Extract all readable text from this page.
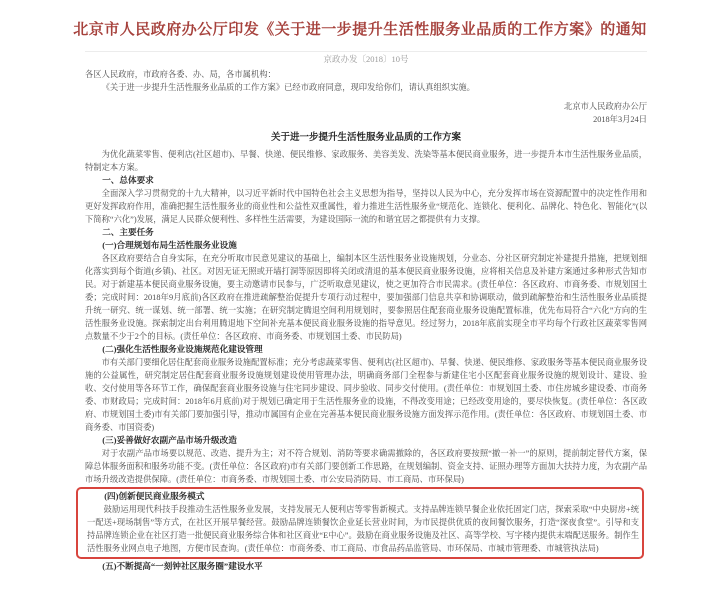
北京市人民政府办公厅印发《关于进一步提升生活性服务业品质的工作方案》的通知
京政办发〔2018〕10号

各区人民政府，市政府各委、办、局，各市属机构：

《关于进一步提升生活性服务业品质的工作方案》已经市政府同意，现印发给你们，请认真组织实施。

北京市人民政府办公厅

2018年3月24日

关于进一步提升生活性服务业品质的工作方案

为优化蔬菜零售、便利店(社区超市)、早餐、快递、便民维修、家政服务、美容美发、洗染等基本便民商业服务，进一步提升本市生活性服务业品质，特制定本方案。

一、总体要求

全面深入学习贯彻党的十九大精神，以习近平新时代中国特色社会主义思想为指导，坚持以人民为中心，充分发挥市场在资源配置中的决定性作用和更好发挥政府作用，准确把握生活性服务业的商业性和公益性双重属性，着力推进生活性服务业“规范化、连锁化、便利化、品牌化、特色化、智能化”(以下简称“六化”)发展，满足人民群众便利性、多样性生活需要，为建设国际一流的和谐宜居之都提供有力支撑。

二、主要任务

(一)合理规划布局生活性服务业设施

各区政府要结合自身实际，在充分听取市民意见建议的基础上，编制本区生活性服务业设施规划，分业态、分社区研究制定补建提升措施，把规划细化落实到每个街道(乡镇)、社区。对因无证无照或开墙打洞等原因即将关闭或清退的基本便民商业服务设施，应将相关信息及补建方案通过多种形式告知市民。对于新建基本便民商业服务设施，要主动邀请市民参与，广泛听取意见建议，使之更加符合市民需求。(责任单位：各区政府、市商务委、市规划国土委；完成时间：2018年9月底前)各区政府在推进疏解整治促提升专项行动过程中，要加强部门信息共享和协调联动，做到疏解整治和生活性服务业品质提升统一研究、统一谋划、统一部署、统一实施；在研究制定腾退空间利用规划时，要参照居住配套商业服务设施配置标准，优先布局符合“六化”方向的生活性服务业设施。探索制定出台利用腾退地下空间补充基本便民商业服务设施的指导意见。经过努力，2018年底前实现全市平均每个行政社区蔬菜零售网点数量不少于2个的目标。(责任单位：各区政府、市商务委、市规划国土委、市民防局)

(二)强化生活性服务业设施规范化建设管理

市有关部门要细化居住配套商业服务设施配置标准；充分考虑蔬菜零售、便利店(社区超市)、早餐、快递、便民维修、家政服务等基本便民商业服务设施的公益属性，研究制定居住配套商业服务设施规划建设使用管理办法，明确商务部门全程参与新建住宅小区配套商业服务设施的规划设计、建设、验收、交付使用等各环节工作，确保配套商业服务设施与住宅同步建设、同步验收、同步交付使用。(责任单位：市规划国土委、市住房城乡建设委、市商务委、市财政局；完成时间：2018年6月底前)对于规划已确定用于生活性服务业的设施，不得改变用途；已经改变用途的，要尽快恢复。(责任单位：各区政府、市规划国土委)市有关部门要加强引导，推动市属国有企业在完善基本便民商业服务设施方面发挥示范作用。(责任单位：各区政府、市规划国土委、市商务委、市国资委)

(三)妥善做好农副产品市场升级改造

对于农副产品市场要以规范、改造、提升为主；对不符合规划、消防等要求确需撤除的，各区政府要按照“撤一补一”的原则，提前制定替代方案，保障总体服务面积和服务功能不变。(责任单位：各区政府)市有关部门要创新工作思路，在规划编制、资金支持、证照办理等方面加大扶持力度，为农副产品市场升级改造提供保障。(责任单位：市商务委、市规划国土委、市公安局消防局、市工商局、市环保局)

(四)创新便民商业服务模式

鼓励运用现代科技手段推动生活性服务业发展，支持发展无人便利店等零售新模式。支持品牌连锁早餐企业依托固定门店，探索采取“中央厨房+统一配送+现场制售”等方式，在社区开展早餐经营。鼓励品牌连锁餐饮企业延长营业时间，为市民提供优质的夜间餐饮服务，打造“深夜食堂”。引导和支持品牌连锁企业在社区打造一批便民商业服务综合体和社区商业“E中心”。鼓励在商业服务设施及社区、高等学校、写字楼内提供末端配送服务。制作生活性服务业网点电子地图，方便市民查询。(责任单位：市商务委、市工商局、市食品药品监管局、市环保局、市城市管理委、市城管执法局)

(五)不断提高“一刻钟社区服务圈”建设水平
